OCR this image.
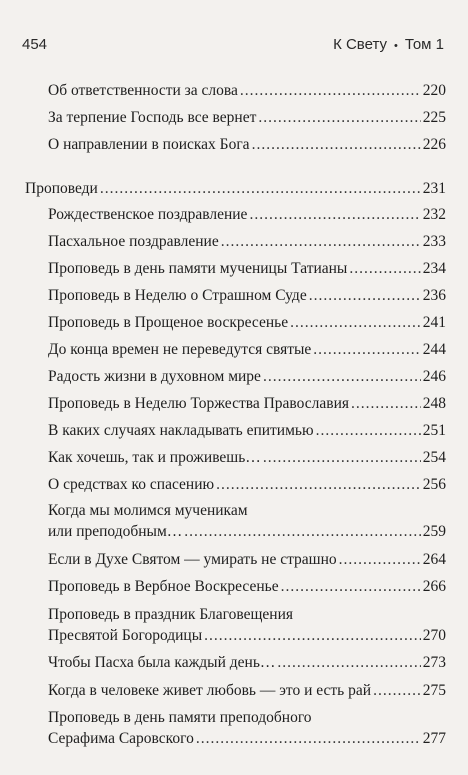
454	К Свету • Том 1
Об ответственности за слова .....	220
За терпение Господь все вернет .....	225
О направлении в поисках Бога .....	226
Проповеди .....	231
Рождественское поздравление .....	232
Пасхальное поздравление .....	233
Проповедь в день памяти мученицы Татианы .....	234
Проповедь в Неделю о Страшном Суде .....	236
Проповедь в Прощеное воскресенье .....	241
До конца времен не переведутся святые .....	244
Радость жизни в духовном мире .....	246
Проповедь в Неделю Торжества Православия .....	248
В каких случаях накладывать епитимью .....	251
Как хочешь, так и проживешь… .....	254
О средствах ко спасению .....	256
Когда мы молимся мученикам
или преподобным… .....	259
Если в Духе Святом — умирать не страшно .....	264
Проповедь в Вербное Воскресенье .....	266
Проповедь в праздник Благовещения
Пресвятой Богородицы .....	270
Чтобы Пасха была каждый день… .....	273
Когда в человеке живет любовь — это и есть рай .....	275
Проповедь в день памяти преподобного
Серафима Саровского .....	277
